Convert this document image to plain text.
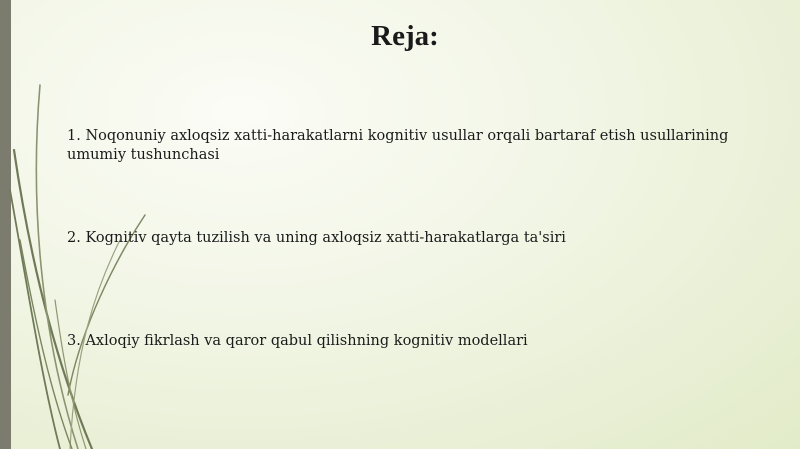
Reja:
1. Noqonuniy axloqsiz xatti-harakatlarni kognitiv usullar orqali bartaraf etish usullarining umumiy tushunchasi
2. Kognitiv qayta tuzilish va uning axloqsiz xatti-harakatlarga ta'siri
3. Axloqiy fikrlash va qaror qabul qilishning kognitiv modellari
